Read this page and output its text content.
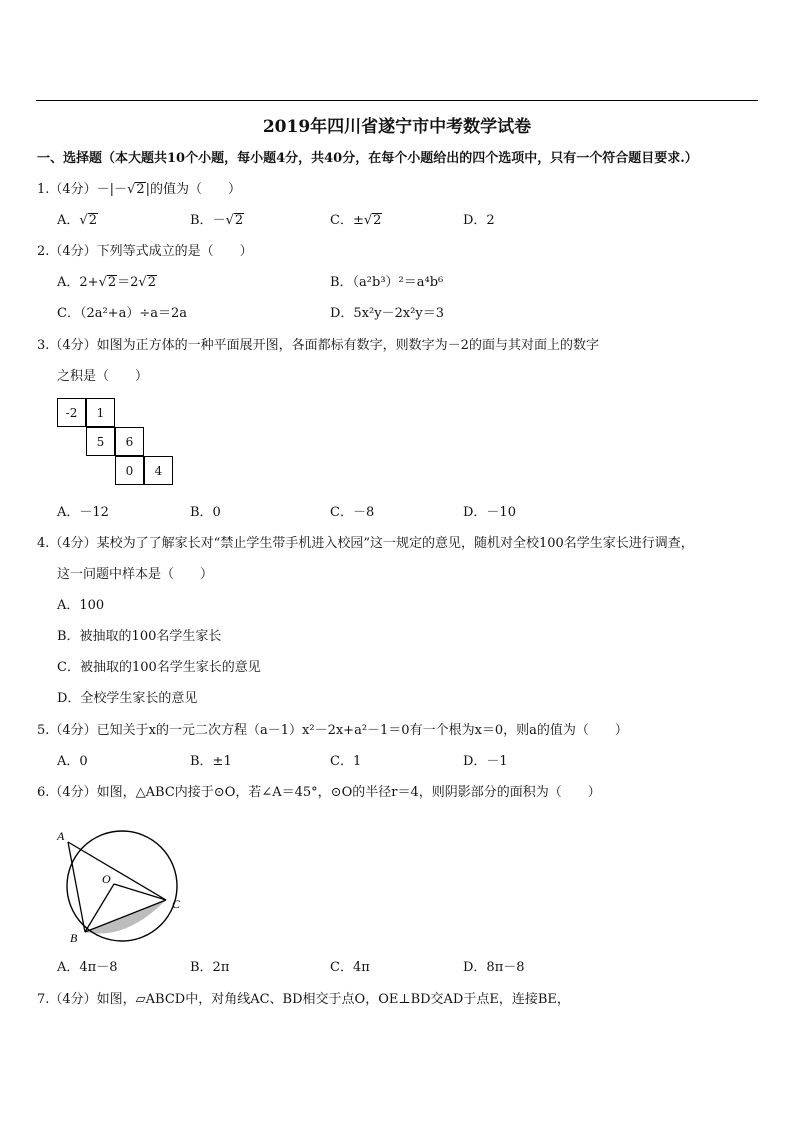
2019年四川省遂宁市中考数学试卷
一、选择题（本大题共10个小题，每小题4分，共40分，在每个小题给出的四个选项中，只有一个符合题目要求.）
1.（4分）－|－√2|的值为（　　）
A．√2	B．－√2	C．±√2	D．2
2.（4分）下列等式成立的是（　　）
A．2+√2＝2√2	B．（a²b³）²＝a⁴b⁶
C．（2a²+a）÷a＝2a	D．5x²y－2x²y＝3
3.（4分）如图为正方体的一种平面展开图，各面都标有数字，则数字为－2的面与其对面上的数字
之积是（　　）
-2	1
5	6
0	4
A．－12	B．0	C．－8	D．－10
4.（4分）某校为了了解家长对“禁止学生带手机进入校园”这一规定的意见，随机对全校100名学生家长进行调查，
这一问题中样本是（　　）
A．100
B．被抽取的100名学生家长
C．被抽取的100名学生家长的意见
D．全校学生家长的意见
5.（4分）已知关于x的一元二次方程（a－1）x²－2x+a²－1＝0有一个根为x＝0，则a的值为（　　）
A．0	B．±1	C．1	D．－1
6.（4分）如图，△ABC内接于⊙O，若∠A＝45°，⊙O的半径r＝4，则阴影部分的面积为（　　）
A
B
C
O
A．4π－8	B．2π	C．4π	D．8π－8
7.（4分）如图，▱ABCD中，对角线AC、BD相交于点O，OE⊥BD交AD于点E，连接BE，
